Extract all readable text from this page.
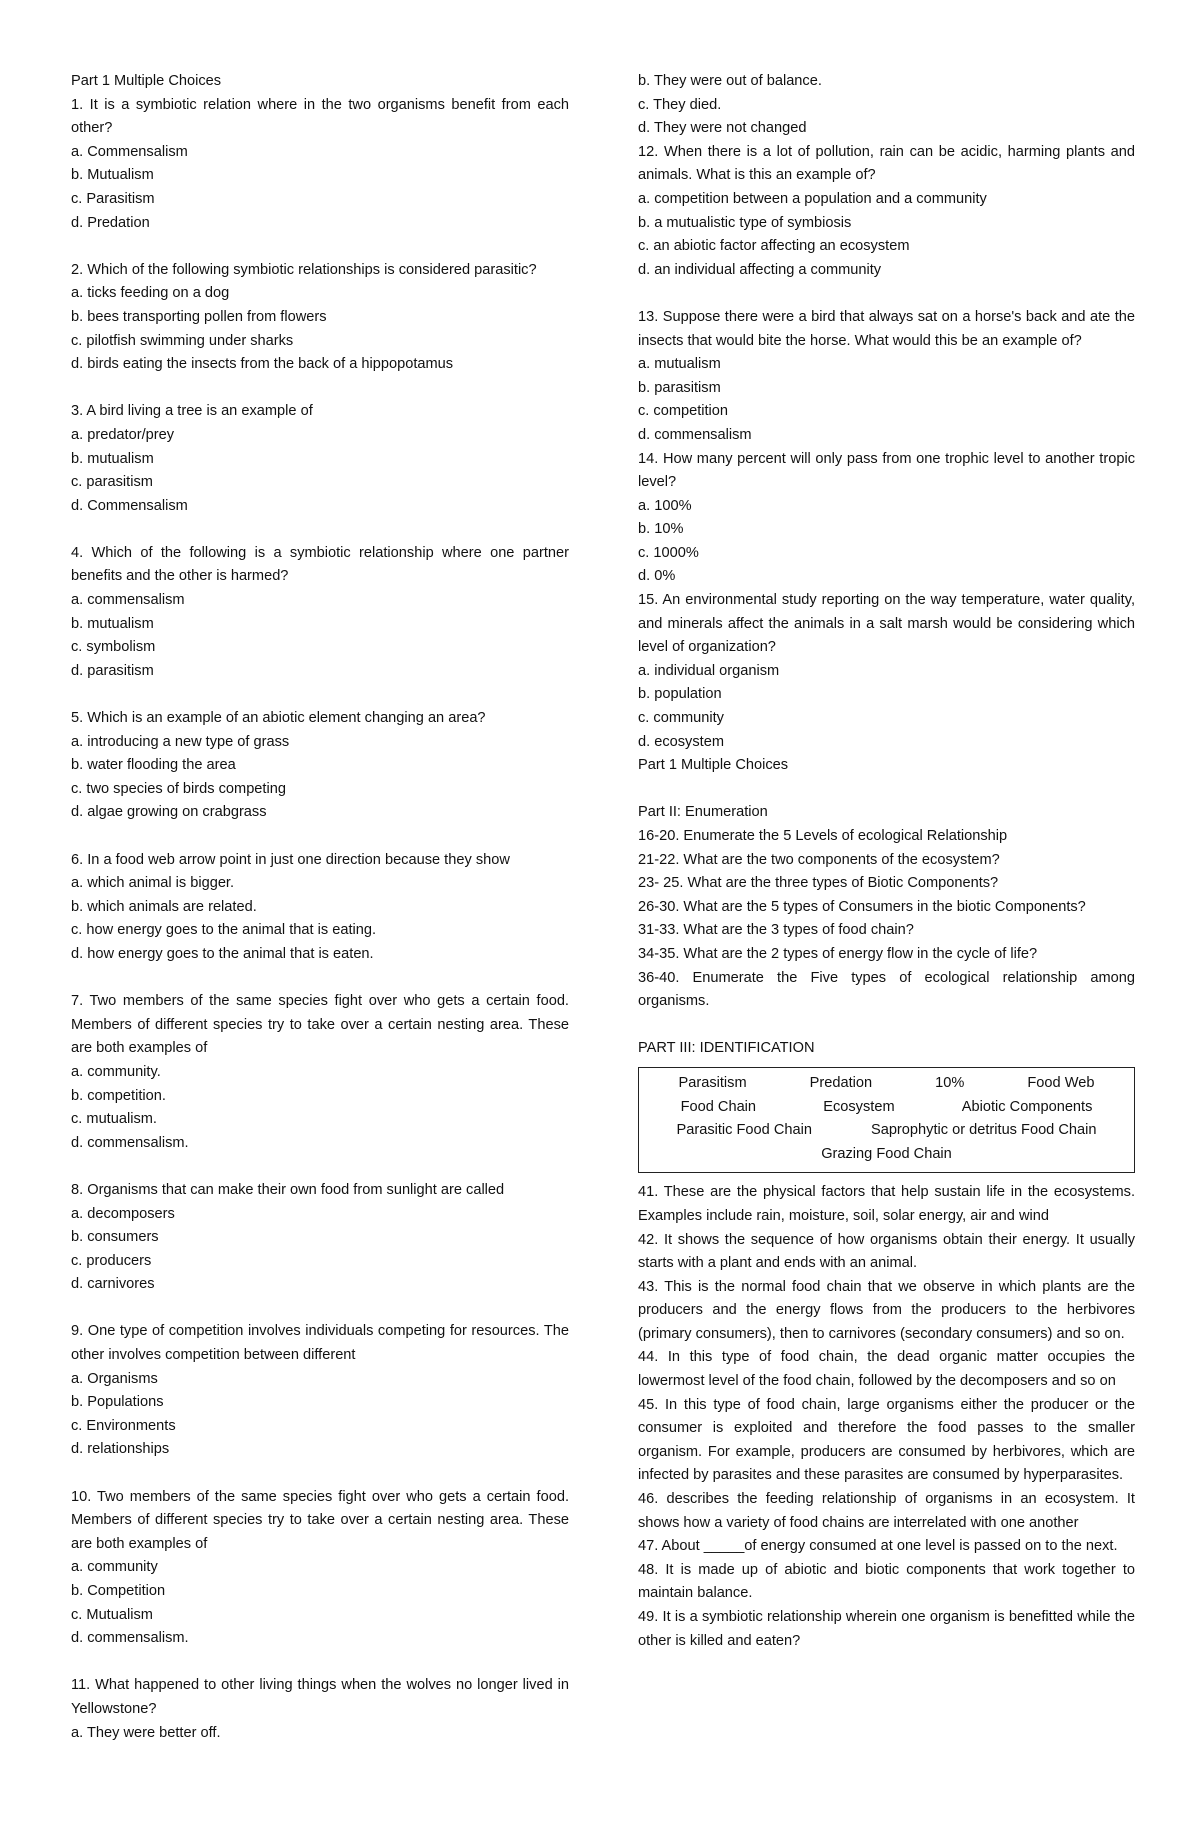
Part 1 Multiple Choices
1. It is a symbiotic relation where in the two organisms benefit from each other?
a. Commensalism
b. Mutualism
c. Parasitism
d. Predation
2. Which of the following symbiotic relationships is considered parasitic?
a. ticks feeding on a dog
b. bees transporting pollen from flowers
c. pilotfish swimming under sharks
d. birds eating the insects from the back of a hippopotamus
3. A bird living a tree is an example of
a. predator/prey
b. mutualism
c. parasitism
d. Commensalism
4. Which of the following is a symbiotic relationship where one partner benefits and the other is harmed?
a. commensalism
b. mutualism
c. symbolism
d. parasitism
5. Which is an example of an abiotic element changing an area?
a. introducing a new type of grass
b. water flooding the area
c. two species of birds competing
d. algae growing on crabgrass
6. In a food web arrow point in just one direction because they show
a. which animal is bigger.
b. which animals are related.
c. how energy goes to the animal that is eating.
d. how energy goes to the animal that is eaten.
7. Two members of the same species fight over who gets a certain food. Members of different species try to take over a certain nesting area. These are both examples of
a. community.
b. competition.
c. mutualism.
d. commensalism.
8. Organisms that can make their own food from sunlight are called
a. decomposers
b. consumers
c. producers
d. carnivores
9. One type of competition involves individuals competing for resources. The other involves competition between different
a. Organisms
b. Populations
c. Environments
d. relationships
10. Two members of the same species fight over who gets a certain food. Members of different species try to take over a certain nesting area. These are both examples of
a. community
b. Competition
c. Mutualism
d. commensalism.
11. What happened to other living things when the wolves no longer lived in Yellowstone?
a. They were better off.
b. They were out of balance.
c. They died.
d. They were not changed
12. When there is a lot of pollution, rain can be acidic, harming plants and animals. What is this an example of?
a. competition between a population and a community
b. a mutualistic type of symbiosis
c. an abiotic factor affecting an ecosystem
d. an individual affecting a community
13. Suppose there were a bird that always sat on a horse's back and ate the insects that would bite the horse. What would this be an example of?
a. mutualism
b. parasitism
c. competition
d. commensalism
14. How many percent will only pass from one trophic level to another tropic level?
a. 100%
b. 10%
c. 1000%
d. 0%
15. An environmental study reporting on the way temperature, water quality, and minerals affect the animals in a salt marsh would be considering which level of organization?
a. individual organism
b. population
c. community
d. ecosystem
Part 1 Multiple Choices
Part II: Enumeration
16-20. Enumerate the 5 Levels of ecological Relationship
21-22. What are the two components of the ecosystem?
23- 25. What are the three types of Biotic Components?
26-30. What are the 5 types of Consumers in the biotic Components?
31-33. What are the 3 types of food chain?
34-35. What are the 2 types of energy flow in the cycle of life?
36-40. Enumerate the Five types of ecological relationship among organisms.
PART III: IDENTIFICATION
Parasitism	Predation	10%	Food Web
Food Chain	Ecosystem	Abiotic Components
Parasitic Food Chain	Saprophytic or detritus Food Chain
Grazing Food Chain
41. These are the physical factors that help sustain life in the ecosystems. Examples include rain, moisture, soil, solar energy, air and wind
42. It shows the sequence of how organisms obtain their energy. It usually starts with a plant and ends with an animal.
43. This is the normal food chain that we observe in which plants are the producers and the energy flows from the producers to the herbivores (primary consumers), then to carnivores (secondary consumers) and so on.
44. In this type of food chain, the dead organic matter occupies the lowermost level of the food chain, followed by the decomposers and so on
45. In this type of food chain, large organisms either the producer or the consumer is exploited and therefore the food passes to the smaller organism. For example, producers are consumed by herbivores, which are infected by parasites and these parasites are consumed by hyperparasites.
46. describes the feeding relationship of organisms in an ecosystem. It shows how a variety of food chains are interrelated with one another
47. About _____of energy consumed at one level is passed on to the next.
48. It is made up of abiotic and biotic components that work together to maintain balance.
49. It is a symbiotic relationship wherein one organism is benefitted while the other is killed and eaten?
